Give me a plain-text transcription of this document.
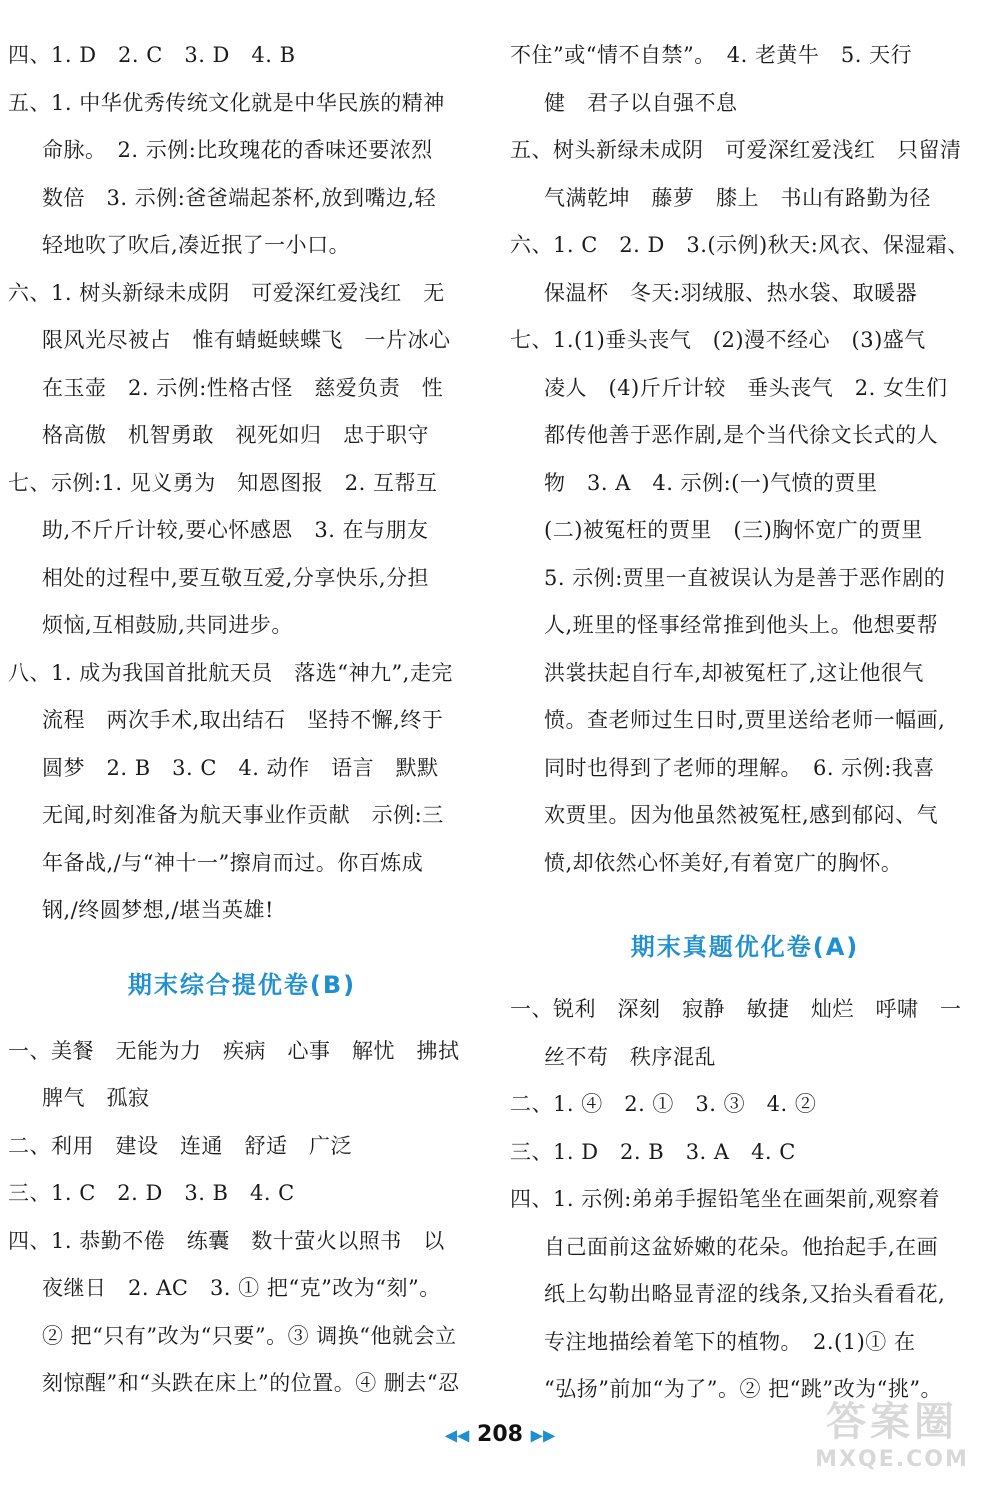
四、1. D　2. C　3. D　4. B
五、1. 中华优秀传统文化就是中华民族的精神
命脉。　2. 示例:比玫瑰花的香味还要浓烈
数倍　3. 示例:爸爸端起茶杯,放到嘴边,轻
轻地吹了吹后,凑近抿了一小口。
六、1. 树头新绿未成阴　可爱深红爱浅红　无
限风光尽被占　惟有蜻蜓蛱蝶飞　一片冰心
在玉壶　2. 示例:性格古怪　慈爱负责　性
格高傲　机智勇敢　视死如归　忠于职守
七、示例:1. 见义勇为　知恩图报　2. 互帮互
助,不斤斤计较,要心怀感恩　3. 在与朋友
相处的过程中,要互敬互爱,分享快乐,分担
烦恼,互相鼓励,共同进步。
八、1. 成为我国首批航天员　落选“神九”,走完
流程　两次手术,取出结石　坚持不懈,终于
圆梦　2. B　3. C　4. 动作　语言　默默
无闻,时刻准备为航天事业作贡献　示例:三
年备战,/与“神十一”擦肩而过。你百炼成
钢,/终圆梦想,/堪当英雄!
期末综合提优卷(B)
一、美餐　无能为力　疾病　心事　解忧　拂拭
脾气　孤寂
二、利用　建设　连通　舒适　广泛
三、1. C　2. D　3. B　4. C
四、1. 恭勤不倦　练囊　数十萤火以照书　以
夜继日　2. AC　3. ① 把“克”改为“刻”。
② 把“只有”改为“只要”。③ 调换“他就会立
刻惊醒”和“头跌在床上”的位置。④ 删去“忍
不住”或“情不自禁”。　4. 老黄牛　5. 天行
健　君子以自强不息
五、树头新绿未成阴　可爱深红爱浅红　只留清
气满乾坤　藤萝　膝上　书山有路勤为径
六、1. C　2. D　3.(示例)秋天:风衣、保湿霜、
保温杯　冬天:羽绒服、热水袋、取暖器
七、1.(1)垂头丧气　(2)漫不经心　(3)盛气
凌人　(4)斤斤计较　垂头丧气　2. 女生们
都传他善于恶作剧,是个当代徐文长式的人
物　3. A　4. 示例:(一)气愤的贾里
(二)被冤枉的贾里　(三)胸怀宽广的贾里
5. 示例:贾里一直被误认为是善于恶作剧的
人,班里的怪事经常推到他头上。他想要帮
洪裳扶起自行车,却被冤枉了,这让他很气
愤。查老师过生日时,贾里送给老师一幅画,
同时也得到了老师的理解。　6. 示例:我喜
欢贾里。因为他虽然被冤枉,感到郁闷、气
愤,却依然心怀美好,有着宽广的胸怀。
期末真题优化卷(A)
一、锐利　深刻　寂静　敏捷　灿烂　呼啸　一
丝不苟　秩序混乱
二、1. ④　2. ①　3. ③　4. ②
三、1. D　2. B　3. A　4. C
四、1. 示例:弟弟手握铅笔坐在画架前,观察着
自己面前这盆娇嫩的花朵。他抬起手,在画
纸上勾勒出略显青涩的线条,又抬头看看花,
专注地描绘着笔下的植物。　2.(1)① 在
“弘扬”前加“为了”。② 把“跳”改为“挑”。
◀◀ 208 ▶▶	答案圈
MXQE.COM
